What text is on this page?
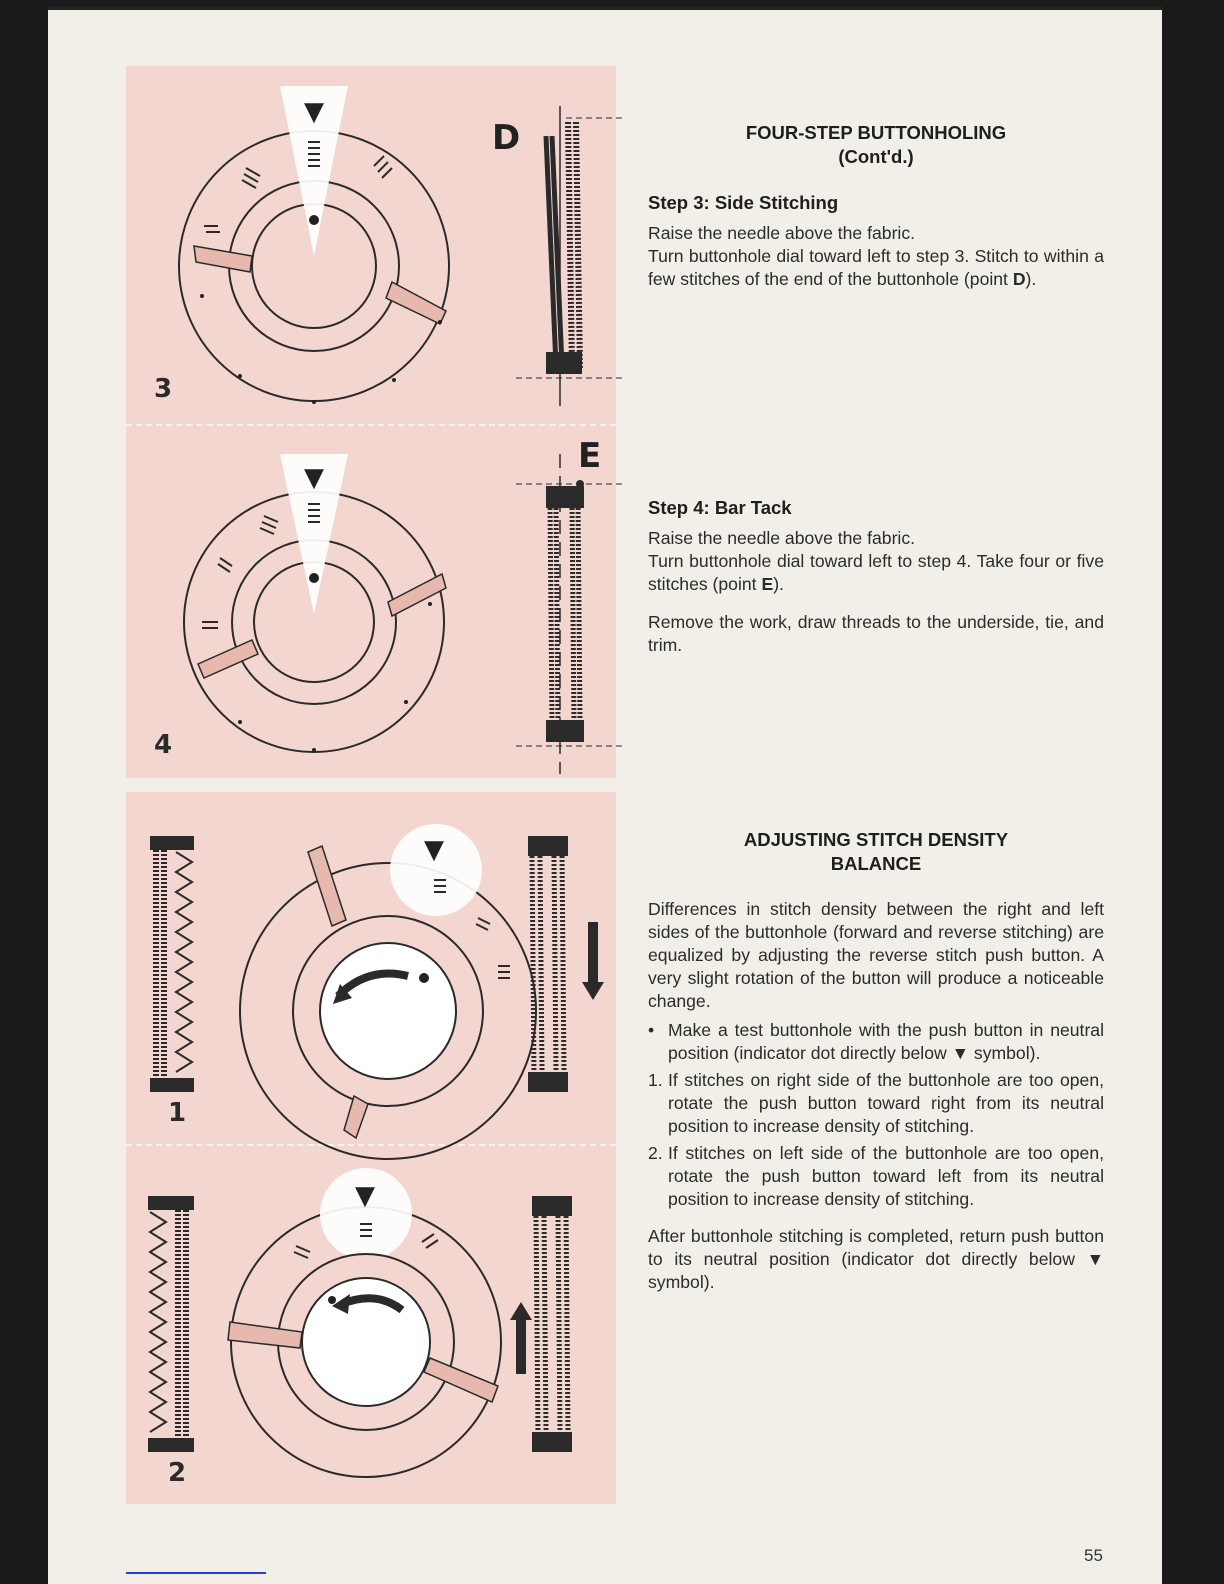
▼
3
D
▼
4
E
1
▼
2
▼
FOUR-STEP BUTTONHOLING
(Cont'd.)
Step 3: Side Stitching
Raise the needle above the fabric.
Turn buttonhole dial toward left to step 3. Stitch to within a few stitches of the end of the buttonhole (point D).
Step 4: Bar Tack
Raise the needle above the fabric.
Turn buttonhole dial toward left to step 4. Take four or five stitches (point E).
Remove the work, draw threads to the underside, tie, and trim.
ADJUSTING STITCH DENSITY
BALANCE
Differences in stitch density between the right and left sides of the buttonhole (forward and reverse stitching) are equalized by adjusting the reverse stitch push button. A very slight rotation of the button will produce a noticeable change.
• Make a test buttonhole with the push button in neutral position (indicator dot directly below ▼ symbol).
1. If stitches on right side of the buttonhole are too open, rotate the push button toward right from its neutral position to increase density of stitching.
2. If stitches on left side of the buttonhole are too open, rotate the push button toward left from its neutral position to increase density of stitching.
After buttonhole stitching is completed, return push button to its neutral position (indicator dot directly below ▼ symbol).
55
